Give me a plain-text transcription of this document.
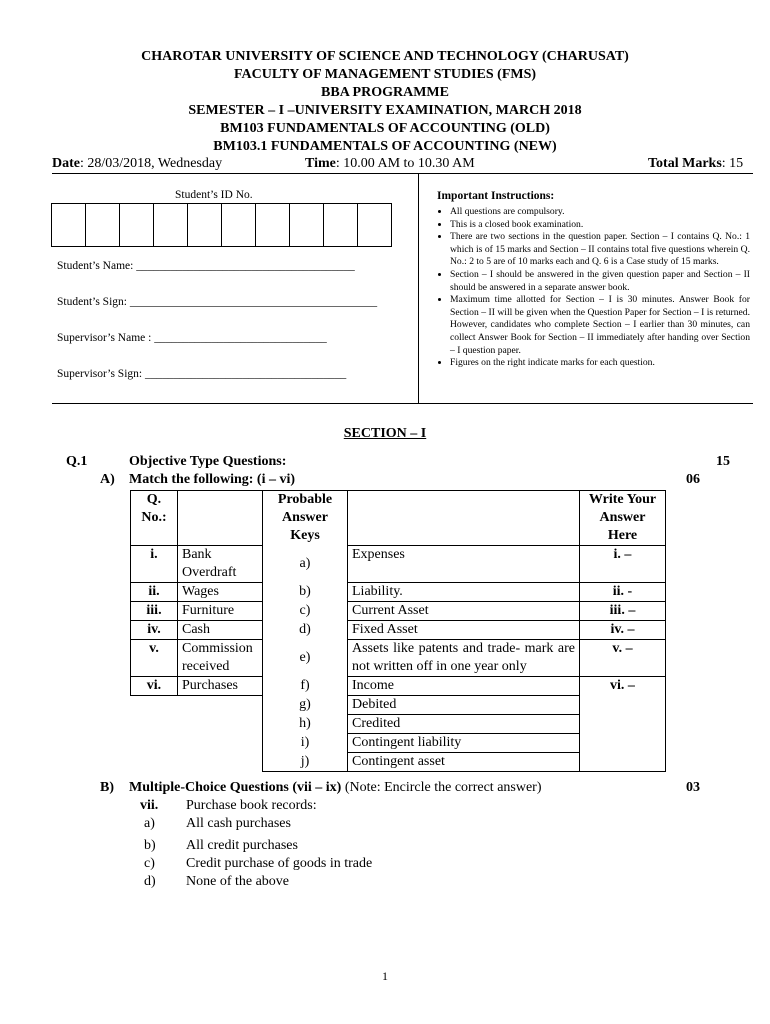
CHAROTAR UNIVERSITY OF SCIENCE AND TECHNOLOGY (CHARUSAT)
FACULTY OF MANAGEMENT STUDIES (FMS)
BBA PROGRAMME
SEMESTER – I –UNIVERSITY EXAMINATION, MARCH 2018
BM103 FUNDAMENTALS OF ACCOUNTING (OLD)
BM103.1 FUNDAMENTALS OF ACCOUNTING (NEW)
Date: 28/03/2018, Wednesday	Time: 10.00 AM to 10.30 AM	Total Marks: 15
Student’s ID No.

Student’s Name: ______________________________________
Student’s Sign: ___________________________________________
Supervisor’s Name : ______________________________
Supervisor’s Sign: ___________________________________
Important Instructions:
• All questions are compulsory.
• This is a closed book examination.
• There are two sections in the question paper. Section – I contains Q. No.: 1 which is of 15 marks and Section – II contains total five questions wherein Q. No.: 2 to 5 are of 10 marks each and Q. 6 is a Case study of 15 marks.
• Section – I should be answered in the given question paper and Section – II should be answered in a separate answer book.
• Maximum time allotted for Section – I is 30 minutes. Answer Book for Section – II will be given when the Question Paper for Section – I is returned. However, candidates who complete Section – I earlier than 30 minutes, can collect Answer Book for Section – II immediately after handing over Section – I question paper.
• Figures on the right indicate marks for each question.
SECTION – I
Q.1	Objective Type Questions:	15
A) Match the following: (i – vi)	06
Q. No.:		Probable Answer Keys		Write Your Answer Here
i.	Bank Overdraft	a)	Expenses	i. –
ii.	Wages	b)	Liability.	ii. -
iii.	Furniture	c)	Current Asset	iii. –
iv.	Cash	d)	Fixed Asset	iv. –
v.	Commission received	e)	Assets like patents and trade- mark are not written off in one year only	v. –
vi.	Purchases	f)	Income	vi. –
		g)	Debited	
		h)	Credited	
		i)	Contingent liability	
		j)	Contingent asset	
B) Multiple-Choice Questions (vii – ix) (Note: Encircle the correct answer)	03
vii. Purchase book records:
a) All cash purchases
b) All credit purchases
c) Credit purchase of goods in trade
d) None of the above
1
